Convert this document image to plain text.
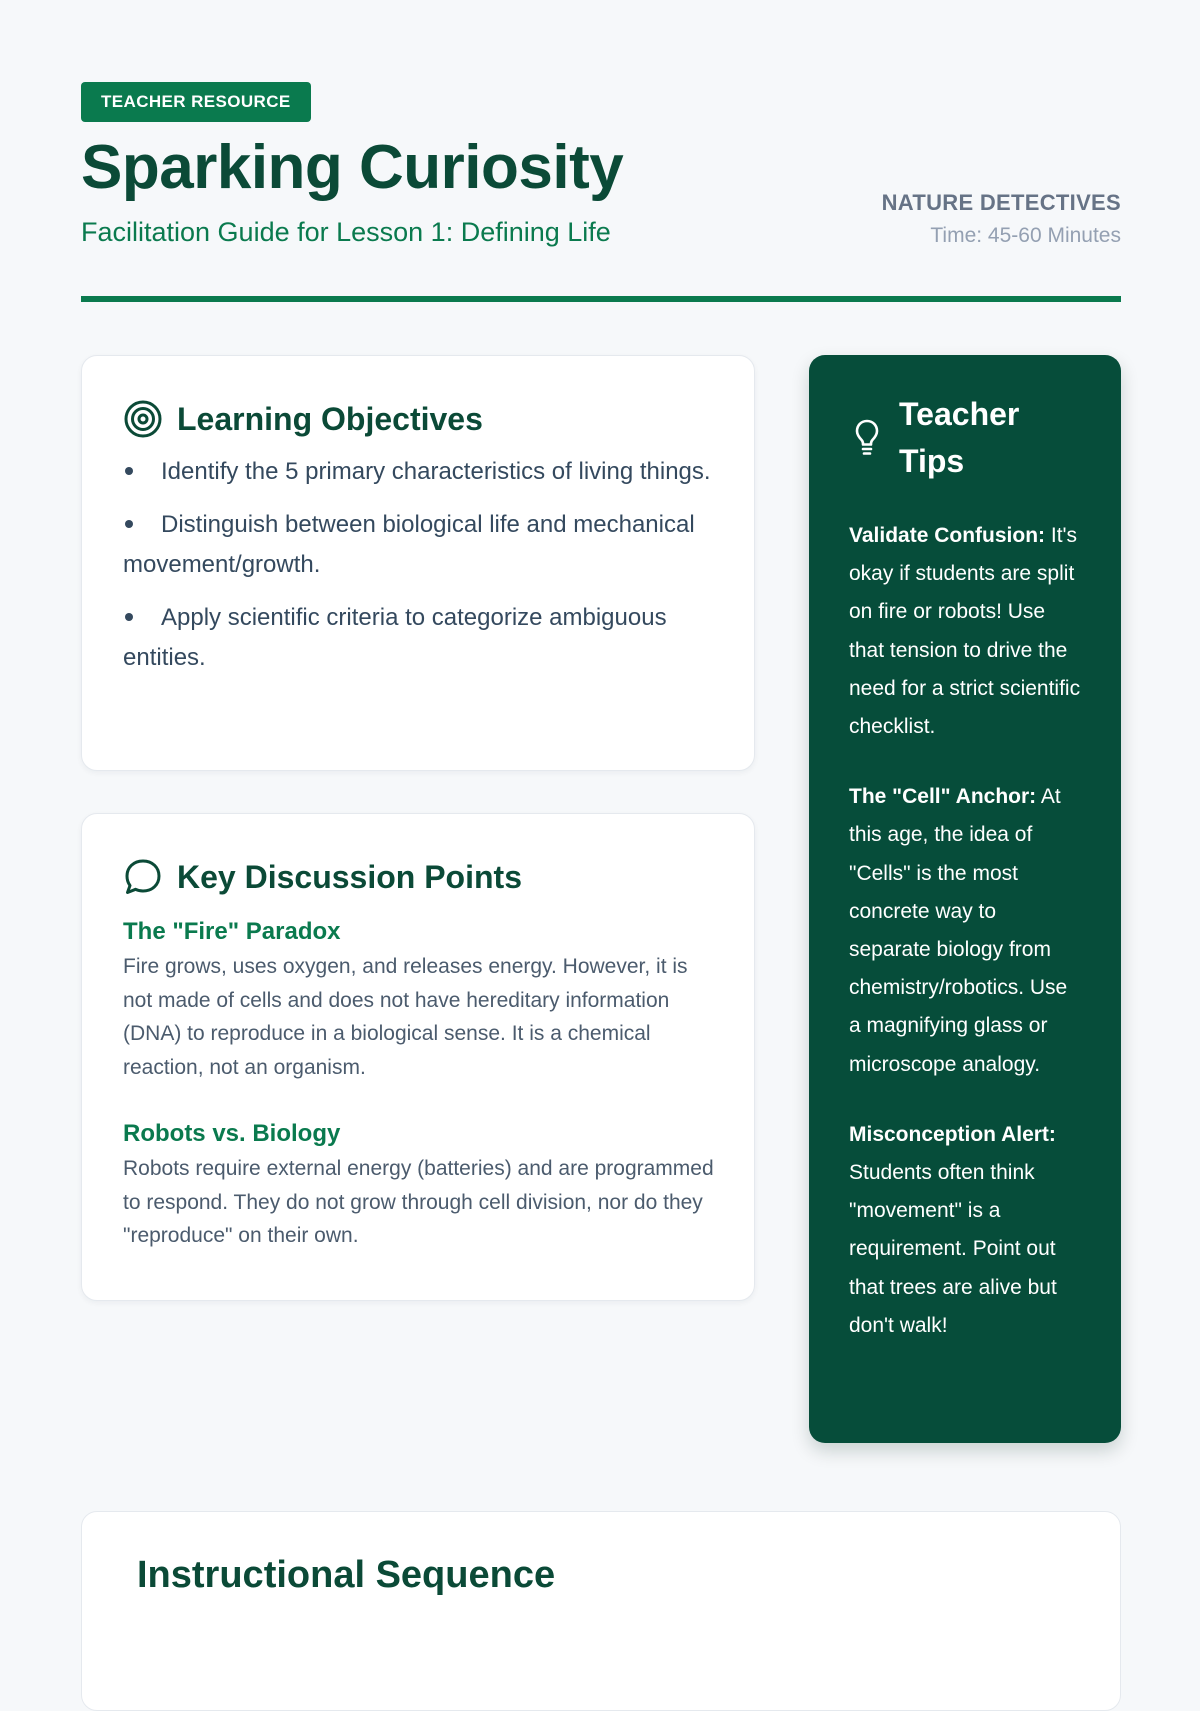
TEACHER RESOURCE
Sparking Curiosity
Facilitation Guide for Lesson 1: Defining Life
NATURE DETECTIVES
Time: 45-60 Minutes
Learning Objectives
Identify the 5 primary characteristics of living things.
Distinguish between biological life and mechanical movement/growth.
Apply scientific criteria to categorize ambiguous entities.
Key Discussion Points
The "Fire" Paradox
Fire grows, uses oxygen, and releases energy. However, it is not made of cells and does not have hereditary information (DNA) to reproduce in a biological sense. It is a chemical reaction, not an organism.
Robots vs. Biology
Robots require external energy (batteries) and are programmed to respond. They do not grow through cell division, nor do they "reproduce" on their own.
Teacher Tips
Validate Confusion: It's okay if students are split on fire or robots! Use that tension to drive the need for a strict scientific checklist.
The "Cell" Anchor: At this age, the idea of "Cells" is the most concrete way to separate biology from chemistry/robotics. Use a magnifying glass or microscope analogy.
Misconception Alert: Students often think "movement" is a requirement. Point out that trees are alive but don't walk!
Instructional Sequence
